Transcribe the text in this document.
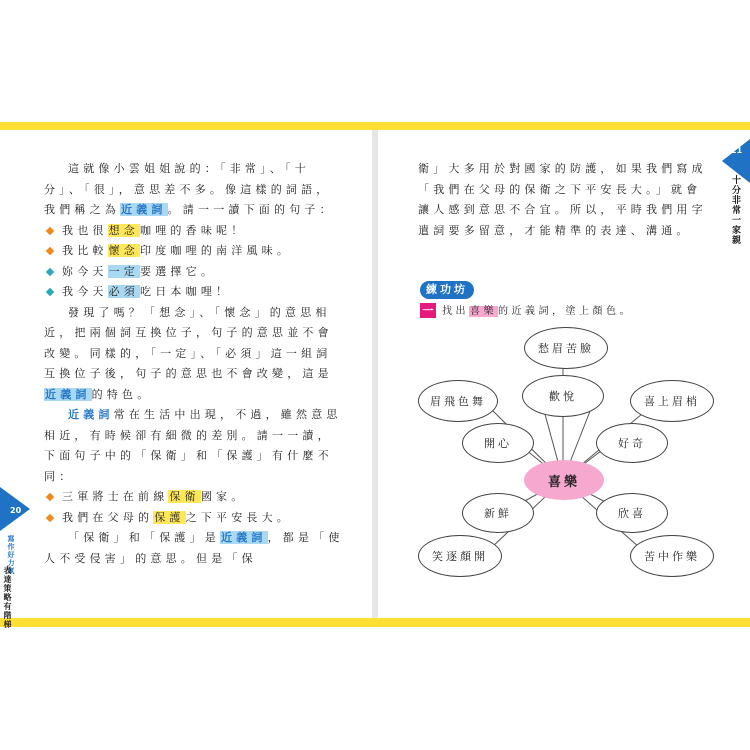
20
21
寫作好力氣
表達策略有階梯
十分非常一家親

這就像小雲姐姐說的：「非常」、「十分」、「很」，意思差不多。像這樣的詞語，我們稱之為近義詞。請一一讀下面的句子：

我也很想念咖哩的香味呢！
我比較懷念印度咖哩的南洋風味。
妳今天一定要選擇它。
我今天必須吃日本咖哩！

發現了嗎？「想念」、「懷念」的意思相近，把兩個詞互換位子，句子的意思並不會改變。同樣的，「一定」、「必須」這一組詞互換位子後，句子的意思也不會改變，這是近義詞的特色。

近義詞常在生活中出現，不過，雖然意思相近，有時候卻有細微的差別。請一一讀，下面句子中的「保衛」和「保護」有什麼不同：

三軍將士在前線保衛國家。
我們在父母的保護之下平安長大。

「保衛」和「保護」是近義詞，都是「使人不受侵害」的意思。但是「保

衛」大多用於對國家的防護，如果我們寫成「我們在父母的保衛之下平安長大。」就會讓人感到意思不合宜。所以，平時我們用字遣詞要多留意，才能精準的表達、溝通。

練功坊
一 找出喜樂的近義詞，塗上顏色。
愁眉苦臉
眉飛色舞	歡悅	喜上眉梢
開心	好奇
喜樂
新鮮	欣喜
笑逐顏開	苦中作樂
